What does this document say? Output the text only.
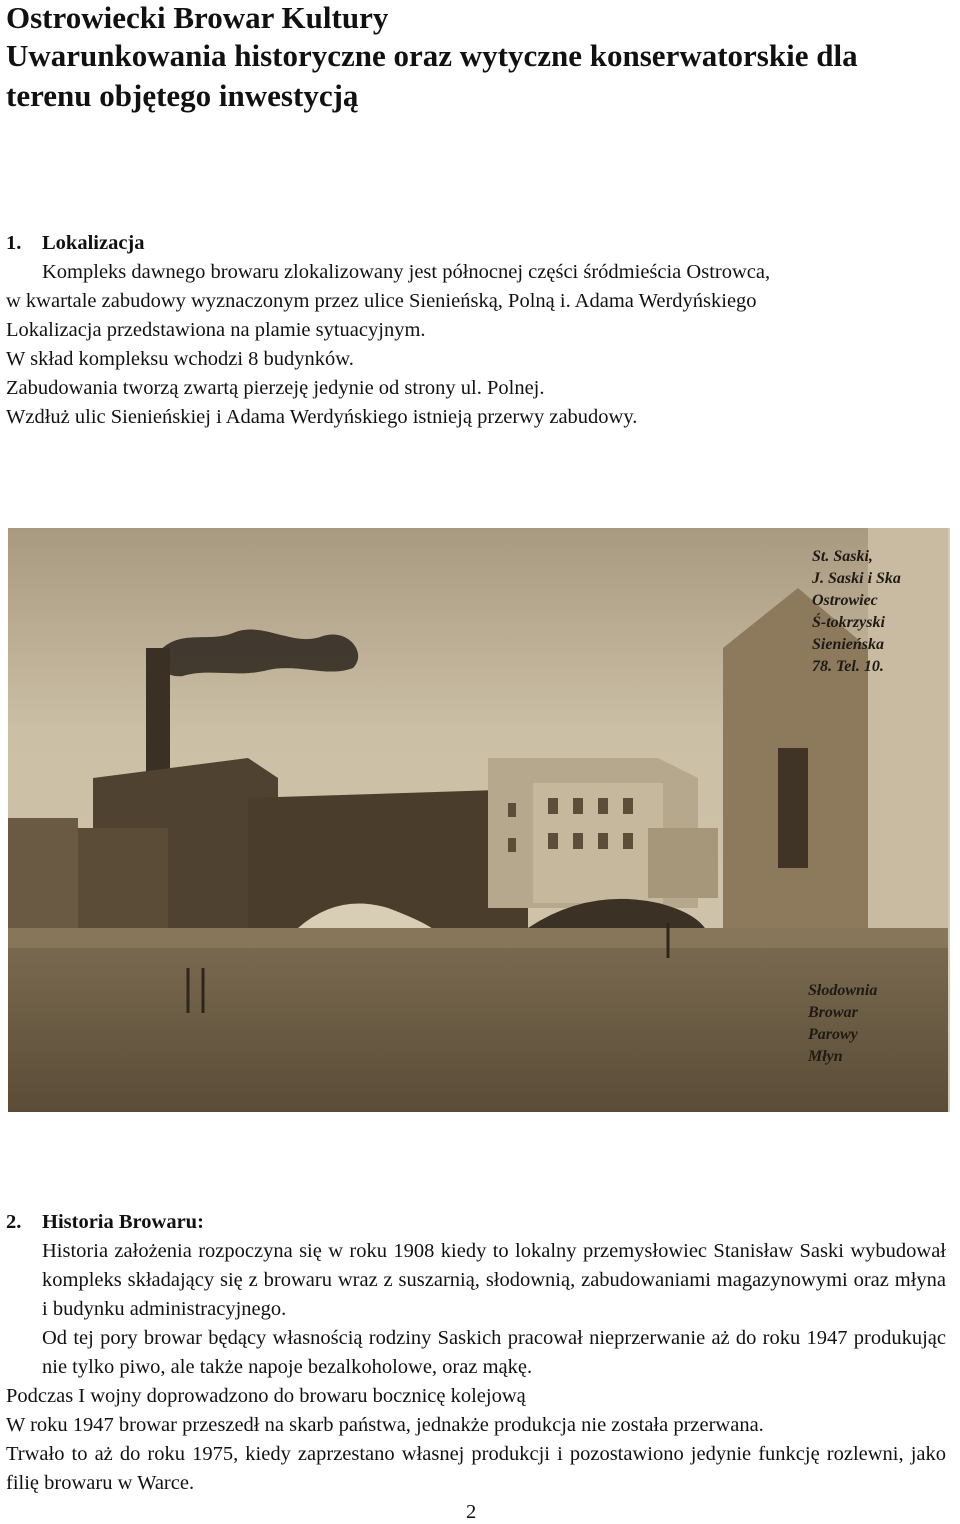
Ostrowiecki Browar Kultury
Uwarunkowania historyczne oraz wytyczne konserwatorskie dla terenu objętego inwestycją
1. Lokalizacja
Kompleks dawnego browaru zlokalizowany jest północnej części śródmieścia Ostrowca,
w kwartale zabudowy wyznaczonym przez ulice Sienieńską, Polną i. Adama Werdyńskiego
Lokalizacja przedstawiona na plamie sytuacyjnym.
W skład kompleksu wchodzi 8 budynków.
Zabudowania tworzą zwartą pierzeję jedynie od strony ul. Polnej.
Wzdłuż ulic Sienieńskiej i Adama Werdyńskiego istnieją przerwy zabudowy.
St. Saski,
J. Saski i Ska
Ostrowiec
Ś-tokrzyski
Sienieńska
78. Tel. 10.
Słodownia
Browar
Parowy
Młyn
2. Historia Browaru:
Historia założenia rozpoczyna się w roku 1908 kiedy to lokalny przemysłowiec Stanisław Saski wybudował kompleks składający się z browaru wraz z suszarnią, słodownią, zabudowaniami magazynowymi oraz młyna i budynku administracyjnego.
Od tej pory browar będący własnością rodziny Saskich pracował nieprzerwanie aż do roku 1947 produkując nie tylko piwo, ale także napoje bezalkoholowe, oraz mąkę.
Podczas I wojny doprowadzono do browaru bocznicę kolejową
W roku 1947 browar przeszedł na skarb państwa, jednakże produkcja nie została przerwana.
Trwało to aż do roku 1975, kiedy zaprzestano własnej produkcji i pozostawiono jedynie funkcję rozlewni, jako filię browaru w Warce.
2
